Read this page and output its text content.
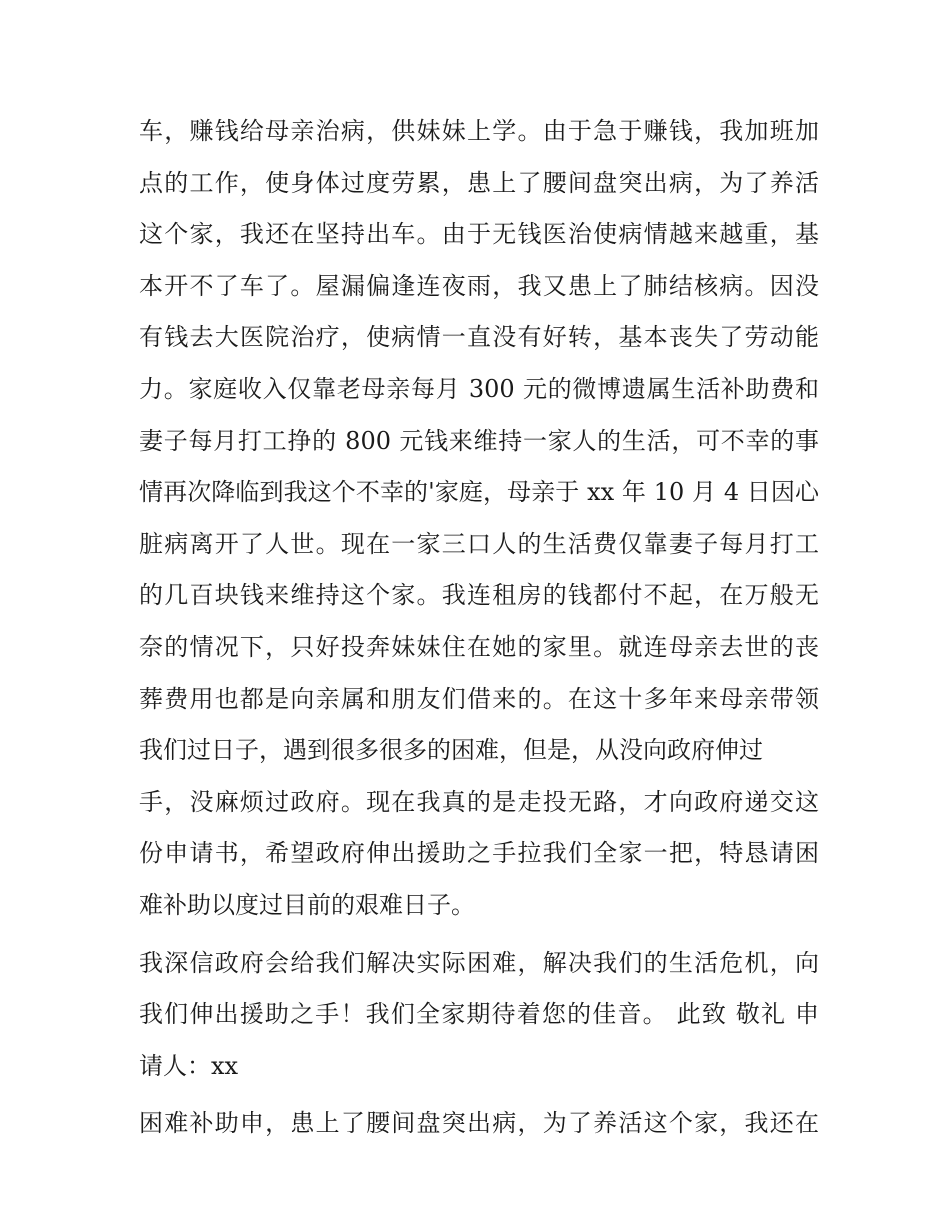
车，赚钱给母亲治病，供妹妹上学。由于急于赚钱，我加班加
点的工作，使身体过度劳累，患上了腰间盘突出病，为了养活
这个家，我还在坚持出车。由于无钱医治使病情越来越重，基
本开不了车了。屋漏偏逢连夜雨，我又患上了肺结核病。因没
有钱去大医院治疗，使病情一直没有好转，基本丧失了劳动能
力。家庭收入仅靠老母亲每月 300 元的微博遗属生活补助费和
妻子每月打工挣的 800 元钱来维持一家人的生活，可不幸的事
情再次降临到我这个不幸的'家庭，母亲于 xx 年 10 月 4 日因心
脏病离开了人世。现在一家三口人的生活费仅靠妻子每月打工
的几百块钱来维持这个家。我连租房的钱都付不起，在万般无
奈的情况下，只好投奔妹妹住在她的家里。就连母亲去世的丧
葬费用也都是向亲属和朋友们借来的。在这十多年来母亲带领
我们过日子，遇到很多很多的困难，但是，从没向政府伸过
手，没麻烦过政府。现在我真的是走投无路，才向政府递交这
份申请书，希望政府伸出援助之手拉我们全家一把，特恳请困
难补助以度过目前的艰难日子。
我深信政府会给我们解决实际困难，解决我们的生活危机，向
我们伸出援助之手！我们全家期待着您的佳音。 此致 敬礼 申
请人：xx
困难补助申，患上了腰间盘突出病，为了养活这个家，我还在
